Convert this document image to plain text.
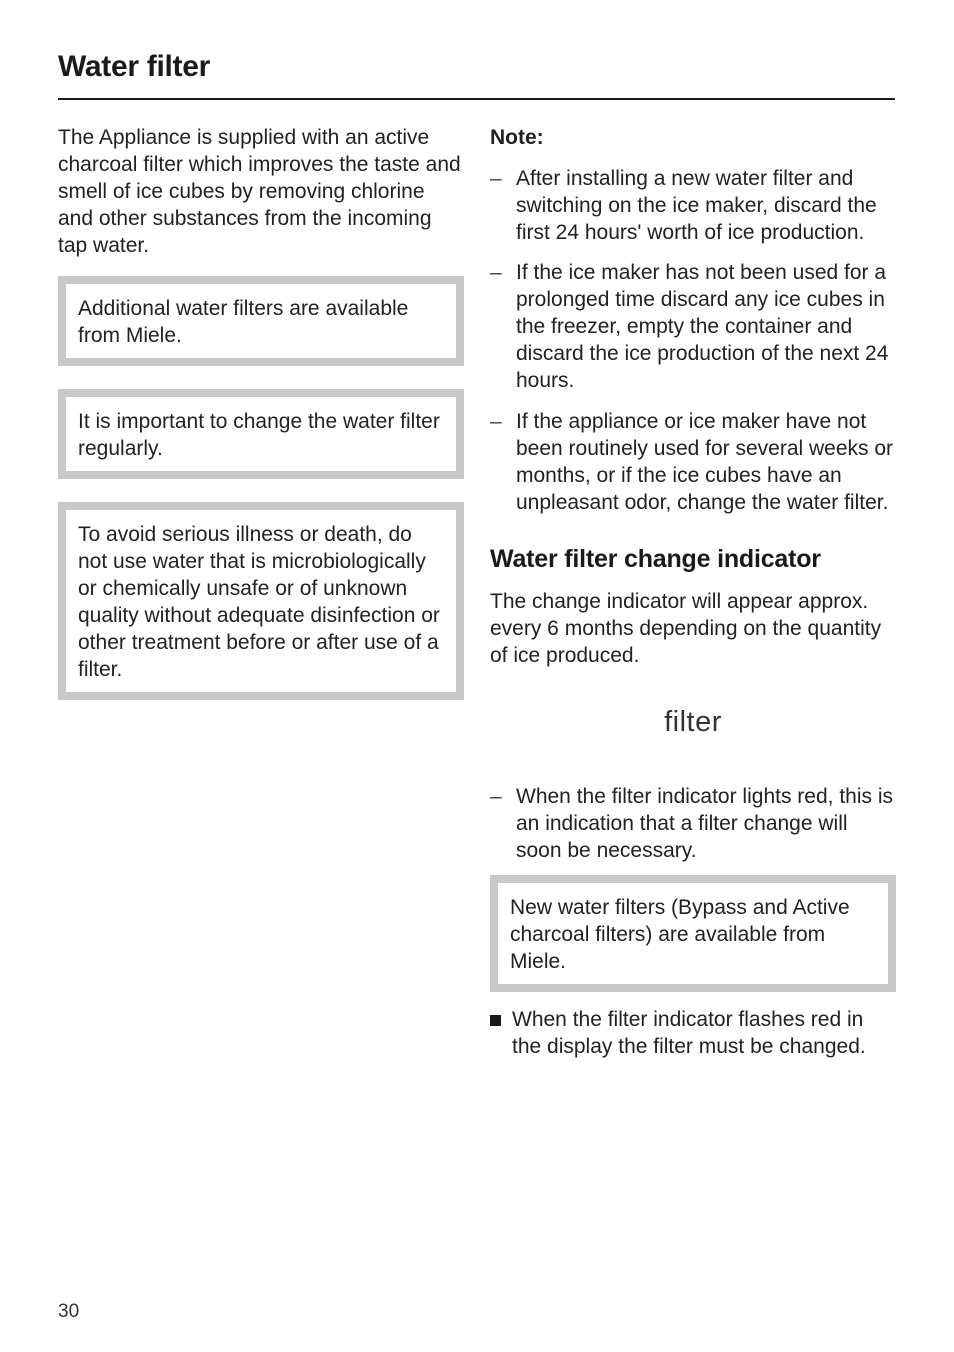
Water filter

The Appliance is supplied with an active charcoal filter which improves the taste and smell of ice cubes by removing chlorine and other substances from the incoming tap water.

Additional water filters are available from Miele.

It is important to change the water filter regularly.

To avoid serious illness or death, do not use water that is microbiologically or chemically unsafe or of unknown quality without adequate disinfection or other treatment before or after use of a filter.

Note:

– After installing a new water filter and switching on the ice maker, discard the first 24 hours' worth of ice production.

– If the ice maker has not been used for a prolonged time discard any ice cubes in the freezer, empty the container and discard the ice production of the next 24 hours.

– If the appliance or ice maker have not been routinely used for several weeks or months, or if the ice cubes have an unpleasant odor, change the water filter.

Water filter change indicator

The change indicator will appear approx. every 6 months depending on the quantity of ice produced.

filter
– When the filter indicator lights red, this is an indication that a filter change will soon be necessary.

New water filters (Bypass and Active charcoal filters) are available from Miele.

When the filter indicator flashes red in the display the filter must be changed.

30
